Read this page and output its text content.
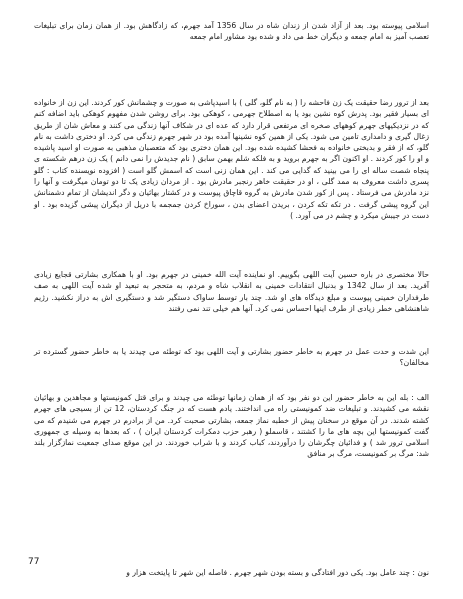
اسلامی پیوسته بود. بعد از آزاد شدن از زندان شاه در سال 1356 آمد جهرم، که زادگاهش بود. از همان زمان برای تبلیغات تعصب آمیز به امام جمعه و دیگران خط می داد و شده بود مشاور امام جمعه

بعد از ترور رضا حقیقت یک زن فاحشه را ( به نام گلو، گلی ) با اسیدپاشی به صورت و چشمانش کور کردند. این زن از خانواده ای بسیار فقیر بود. پدرش کوه نشین بود یا به اصطلاح جهرمی ، کوهکی بود. برای روشن شدن مفهوم کوهکی باید اضافه کنم که در نزدیکیهای جهرم کوههای صخره ای مرتفعی قرار دارد که عده ای در شکاف آنها زندگی می کنند و معاش شان از طریق زغال گیری و دامداری تامین می شود. یکی از همین کوه نشینها آمده بود در شهر جهرم زندگی می کرد. او دختری داشت به نام گلو، که از فقر و بدبختی خانواده به فحشا کشیده شده بود. این همان دختری بود که متعصبان مذهبی به صورت او اسید پاشیده و او را کور کردند . او اکنون اگر به جهرم بروید و به فلکه شلم بهمن سابق ( نام جدیدش را نمی دانم ) یک زن درهم شکسته ی پنجاه شصت ساله ای را می بینید که گدایی می کند . این همان زنی است که اسمش گلو است ( افزوده نویسنده کتاب : گلو پسری داشت معروف به ممد گلی ، او در حقیقت خاهر رنجبر مادرش بود . از مردان زیادی یک تا دو تومان میگرفت و آنها را نزد مادرش می فرستاد . پس از کور شدن مادرش به گروه قاچاق پیوست و در کشتار بهائیان و دگر اندیشان از تمام دشمنانش این گروه پیشی گرفت . در تکه تکه کردن ، بریدن اعضای بدن ، سوراخ کردن جمجمه با دریل از دیگران پیشی گزیده بود . او دست در جیبش میکرد و چشم در می آورد. )

حالا مختصری در باره حسین آیت اللهی بگوییم. او نماینده آیت الله خمینی در جهرم بود. او با همکاری بشارتی قجایع زیادی آفرید. بعد از سال 1342 و بدنبال انتقادات خمینی به انقلاب شاه و مردم، به متحجر به تبعید او شده آیت اللهی به صف طرفداران خمینی پیوست و مبلغ دیدگاه های او شد. چند بار توسط ساواک دستگیر شد و دستگیری اش به دراز نکشید. رژیم شاهنشاهی خطر زیادی از طرف اینها احساس نمی کرد. آنها هم خیلی تند نمی رفتند

این شدت و حدت عمل در جهرم به خاطر حضور بشارتی و آیت اللهی بود که توطئه می چیدند یا به خاطر حضور گسترده تر مخالفان؟

الف : بله این به خاطر حضور این دو نفر بود که از همان زمانها توطئه می چیدند و برای قتل کمونیستها و مجاهدین و بهائیان نقشه می کشیدند. و تبلیغات ضد کمونیستی راه می انداختند. یادم هست که در جنگ کردستان، 12 تن از بسیجی های جهرم کشته شدند. در آن موقع در سخنان پیش از خطبه نماز جمعه، بشارتی صحبت کرد. من از برادرم در جهرم می شنیدم که می گفت کمونیستها این بچه های ما را کشتند ، قاسملو ( رهبر حزب دمکرات کردستان ایران ) ، که بعدها به وسیله ی جمهوری اسلامی ترور شد ) و فدائیان چگرشان را درآوردند، کباب کردند و با شراب خوردند. در این موقع صدای جمعیت نمازگزار بلند شد: مرگ بر کمونیست، مرگ بر منافق

77

نون : چند عامل بود. یکی دور افتادگی و بسته بودن شهر جهرم . فاصله این شهر تا پایتخت هزار و
